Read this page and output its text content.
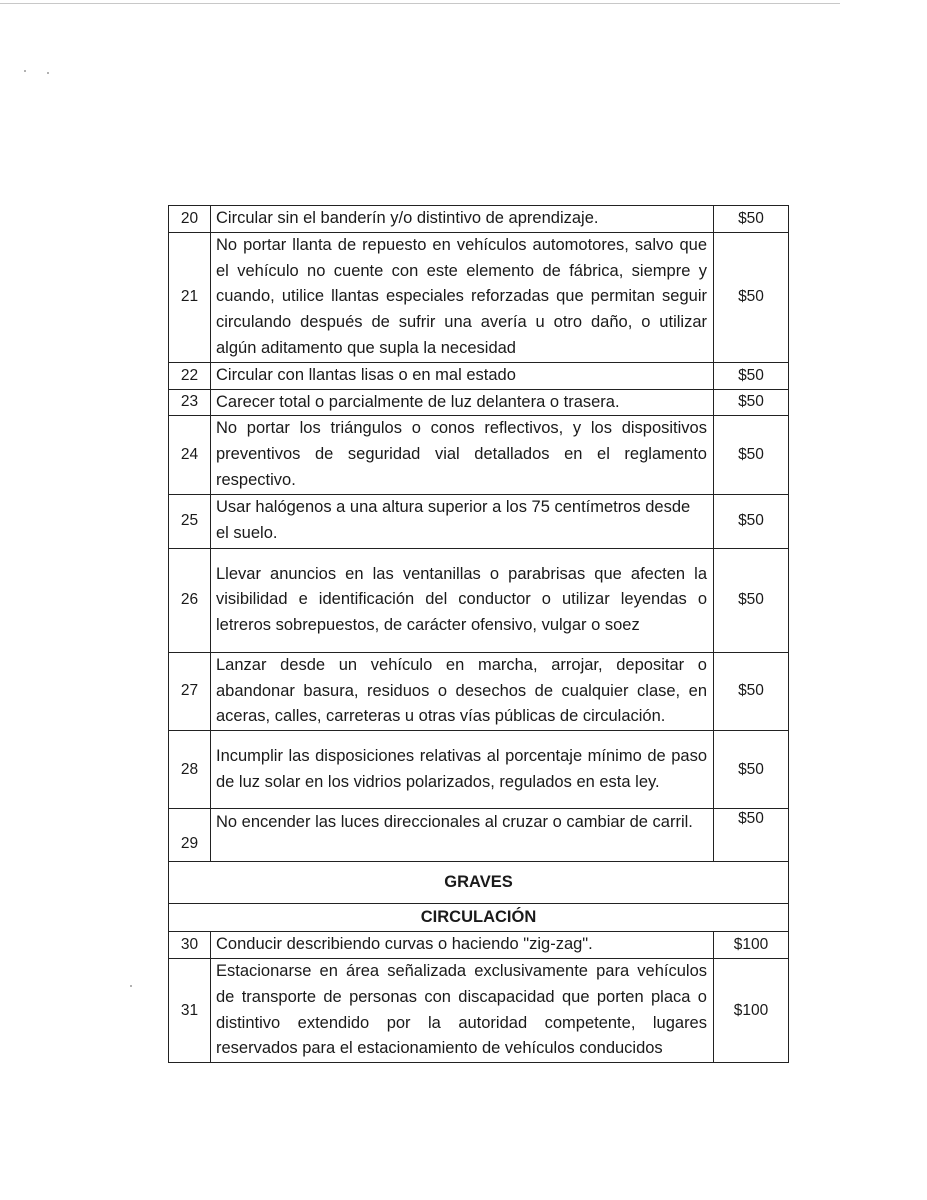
20	Circular sin el banderín y/o distintivo de aprendizaje.	$50
21	No portar llanta de repuesto en vehículos automotores, salvo que el vehículo no cuente con este elemento de fábrica, siempre y cuando, utilice llantas especiales reforzadas que permitan seguir circulando después de sufrir una avería u otro daño, o utilizar algún aditamento que supla la necesidad	$50
22	Circular con llantas lisas o en mal estado	$50
23	Carecer total o parcialmente de luz delantera o trasera.	$50
24	No portar los triángulos o conos reflectivos, y los dispositivos preventivos de seguridad vial detallados en el reglamento respectivo.	$50
25	Usar halógenos a una altura superior a los 75 centímetros desde el suelo.	$50
26	Llevar anuncios en las ventanillas o parabrisas que afecten la visibilidad e identificación del conductor o utilizar leyendas o letreros sobrepuestos, de carácter ofensivo, vulgar o soez	$50
27	Lanzar desde un vehículo en marcha, arrojar, depositar o abandonar basura, residuos o desechos de cualquier clase, en aceras, calles, carreteras u otras vías públicas de circulación.	$50
28	Incumplir las disposiciones relativas al porcentaje mínimo de paso de luz solar en los vidrios polarizados, regulados en esta ley.	$50
29	No encender las luces direccionales al cruzar o cambiar de carril.	$50
GRAVES		
CIRCULACIÓN		
30	Conducir describiendo curvas o haciendo "zig-zag".	$100
31	Estacionarse en área señalizada exclusivamente para vehículos de transporte de personas con discapacidad que porten placa o distintivo extendido por la autoridad competente, lugares reservados para el estacionamiento de vehículos conducidos	$100
